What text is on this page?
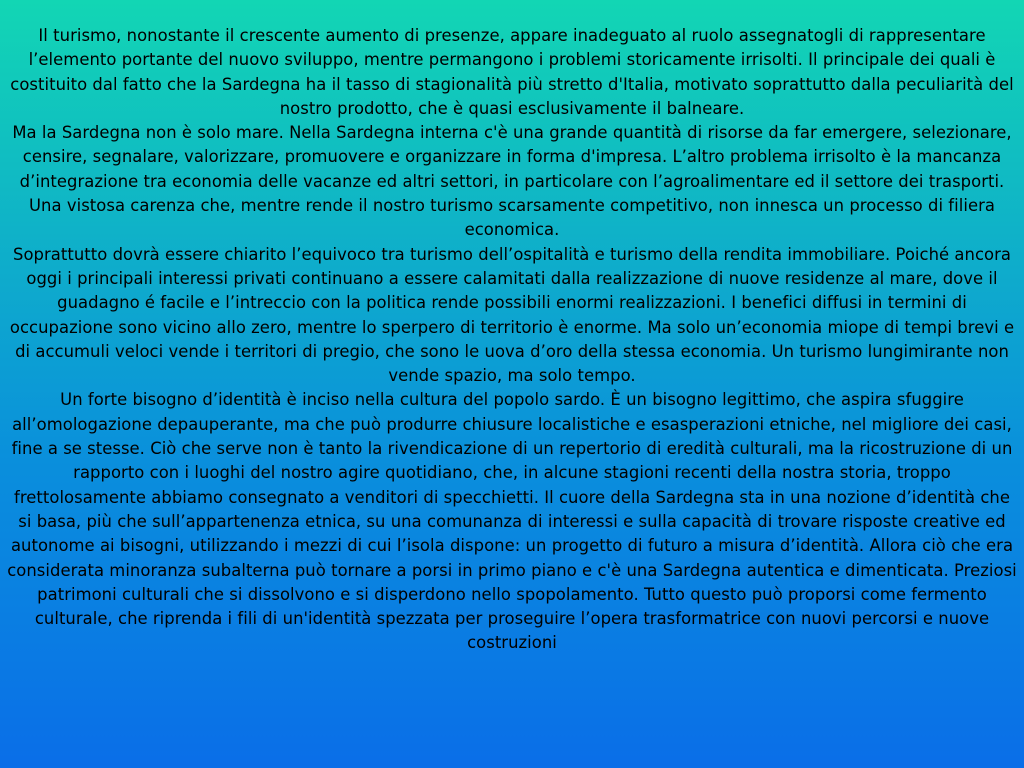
Il turismo, nonostante il crescente aumento di presenze, appare inadeguato al ruolo assegnatogli di rappresentare l’elemento portante del nuovo sviluppo, mentre permangono i problemi storicamente irrisolti. Il principale dei quali è costituito dal fatto che la Sardegna ha il tasso di stagionalità più stretto d'Italia, motivato soprattutto dalla peculiarità del nostro prodotto, che è quasi esclusivamente il balneare.

Ma la Sardegna non è solo mare. Nella Sardegna interna c'è una grande quantità di risorse da far emergere, selezionare, censire, segnalare, valorizzare, promuovere e organizzare in forma d'impresa. L’altro problema irrisolto è la mancanza d’integrazione tra economia delle vacanze ed altri settori, in particolare con l’agroalimentare ed il settore dei trasporti. Una vistosa carenza che, mentre rende il nostro turismo scarsamente competitivo, non innesca un processo di filiera economica.

Soprattutto dovrà essere chiarito l’equivoco tra turismo dell’ospitalità e turismo della rendita immobiliare. Poiché ancora oggi i principali interessi privati continuano a essere calamitati dalla realizzazione di nuove residenze al mare, dove il guadagno é facile e l’intreccio con la politica rende possibili enormi realizzazioni. I benefici diffusi in termini di occupazione sono vicino allo zero, mentre lo sperpero di territorio è enorme. Ma solo un’economia miope di tempi brevi e di accumuli veloci vende i territori di pregio, che sono le uova d’oro della stessa economia. Un turismo lungimirante non vende spazio, ma solo tempo.

Un forte bisogno d’identità è inciso nella cultura del popolo sardo. È un bisogno legittimo, che aspira sfuggire all’omologazione depauperante, ma che può produrre chiusure localistiche e esasperazioni etniche, nel migliore dei casi, fine a se stesse. Ciò che serve non è tanto la rivendicazione di un repertorio di eredità culturali, ma la ricostruzione di un rapporto con i luoghi del nostro agire quotidiano, che, in alcune stagioni recenti della nostra storia, troppo frettolosamente abbiamo consegnato a venditori di specchietti. Il cuore della Sardegna sta in una nozione d’identità che si basa, più che sull’appartenenza etnica, su una comunanza di interessi e sulla capacità di trovare risposte creative ed autonome ai bisogni, utilizzando i mezzi di cui l’isola dispone: un progetto di futuro a misura d’identità. Allora ciò che era considerata minoranza subalterna può tornare a porsi in primo piano e c'è una Sardegna autentica e dimenticata. Preziosi patrimoni culturali che si dissolvono e si disperdono nello spopolamento. Tutto questo può proporsi come fermento culturale, che riprenda i fili di un'identità spezzata per proseguire l’opera trasformatrice con nuovi percorsi e nuove costruzioni
